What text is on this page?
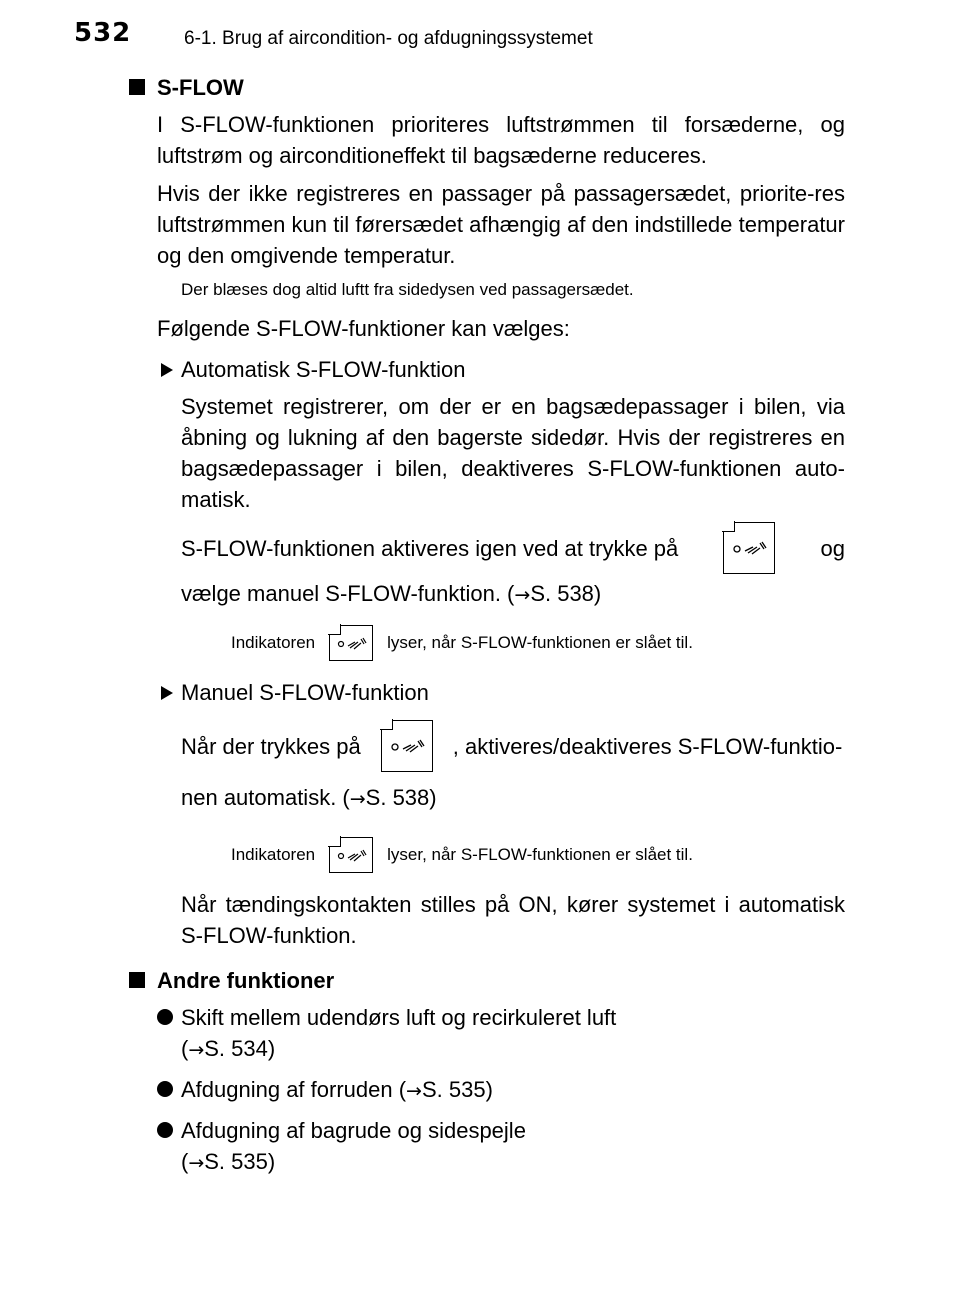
532	6-1. Brug af aircondition- og afdugningssystemet
S-FLOW

I S-FLOW-funktionen prioriteres luftstrømmen til forsæderne, og luftstrøm og airconditioneffekt til bagsæderne reduceres.

Hvis der ikke registreres en passager på passagersædet, priorite-res luftstrømmen kun til førersædet afhængig af den indstillede temperatur og den omgivende temperatur.

Der blæses dog altid luftt fra sidedysen ved passagersædet.

Følgende S-FLOW-funktioner kan vælges:

Automatisk S-FLOW-funktion

Systemet registrerer, om der er en bagsædepassager i bilen, via åbning og lukning af den bagerste sidedør. Hvis der registreres en bagsædepassager i bilen, deaktiveres S-FLOW-funktionen auto-matisk.

S-FLOW-funktionen aktiveres igen ved at trykke på	og
vælge manuel S-FLOW-funktion. (→S. 538)
Indikatoren	lyser, når S-FLOW-funktionen er slået til.
Manuel S-FLOW-funktion
Når der trykkes på	, aktiveres/deaktiveres S-FLOW-funktio-
nen automatisk. (→S. 538)
Indikatoren	lyser, når S-FLOW-funktionen er slået til.

Når tændingskontakten stilles på ON, kører systemet i automatisk S-FLOW-funktion.

Andre funktioner
Skift mellem udendørs luft og recirkuleret luft
(→S. 534)
Afdugning af forruden (→S. 535)
Afdugning af bagrude og sidespejle
(→S. 535)
